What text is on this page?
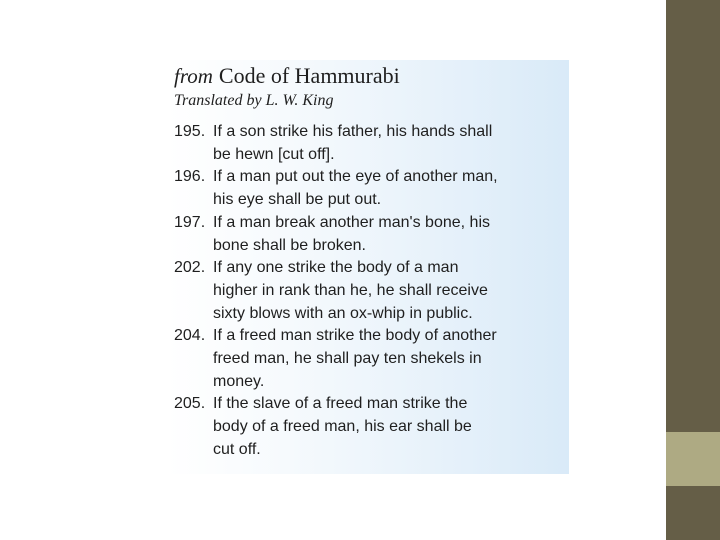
from Code of Hammurabi
Translated by L. W. King
195. If a son strike his father, his hands shall
be hewn [cut off].
196. If a man put out the eye of another man,
his eye shall be put out.
197. If a man break another man's bone, his
bone shall be broken.
202. If any one strike the body of a man
higher in rank than he, he shall receive
sixty blows with an ox-whip in public.
204. If a freed man strike the body of another
freed man, he shall pay ten shekels in
money.
205. If the slave of a freed man strike the
body of a freed man, his ear shall be
cut off.
